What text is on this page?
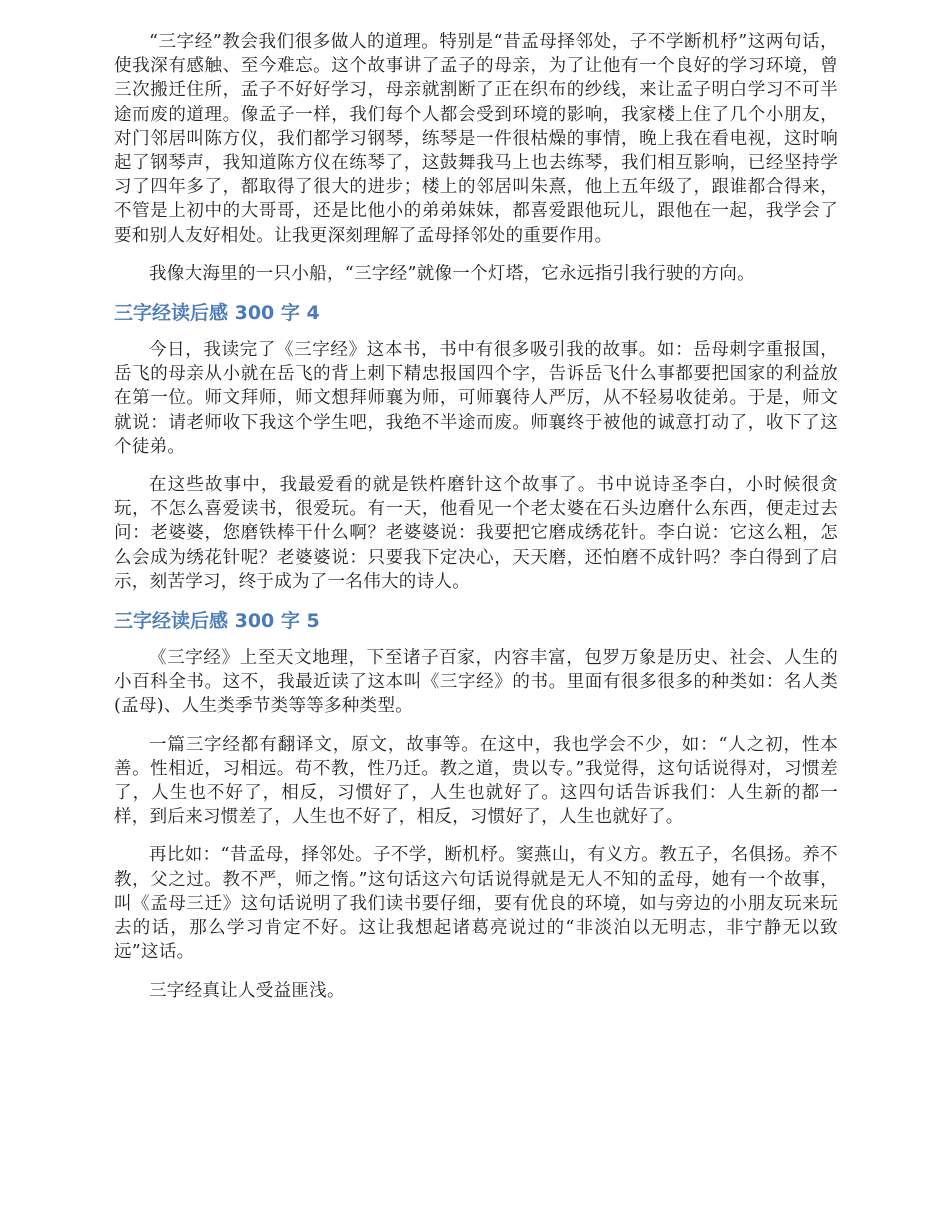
“三字经”教会我们很多做人的道理。特别是“昔孟母择邻处，子不学断机杼”这两句话，使我深有感触、至今难忘。这个故事讲了孟子的母亲，为了让他有一个良好的学习环境，曾三次搬迁住所，孟子不好好学习，母亲就割断了正在织布的纱线，来让孟子明白学习不可半途而废的道理。像孟子一样，我们每个人都会受到环境的影响，我家楼上住了几个小朋友，对门邻居叫陈方仪，我们都学习钢琴，练琴是一件很枯燥的事情，晚上我在看电视，这时响起了钢琴声，我知道陈方仪在练琴了，这鼓舞我马上也去练琴，我们相互影响，已经坚持学习了四年多了，都取得了很大的进步；楼上的邻居叫朱熹，他上五年级了，跟谁都合得来，不管是上初中的大哥哥，还是比他小的弟弟妹妹，都喜爱跟他玩儿，跟他在一起，我学会了要和别人友好相处。让我更深刻理解了孟母择邻处的重要作用。

我像大海里的一只小船，“三字经”就像一个灯塔，它永远指引我行驶的方向。

三字经读后感 300 字 4

今日，我读完了《三字经》这本书，书中有很多吸引我的故事。如：岳母刺字重报国，岳飞的母亲从小就在岳飞的背上刺下精忠报国四个字，告诉岳飞什么事都要把国家的利益放在第一位。师文拜师，师文想拜师襄为师，可师襄待人严厉，从不轻易收徒弟。于是，师文就说：请老师收下我这个学生吧，我绝不半途而废。师襄终于被他的诚意打动了，收下了这个徒弟。

在这些故事中，我最爱看的就是铁杵磨针这个故事了。书中说诗圣李白，小时候很贪玩，不怎么喜爱读书，很爱玩。有一天，他看见一个老太婆在石头边磨什么东西，便走过去问：老婆婆，您磨铁棒干什么啊？老婆婆说：我要把它磨成绣花针。李白说：它这么粗，怎么会成为绣花针呢？老婆婆说：只要我下定决心，天天磨，还怕磨不成针吗？李白得到了启示，刻苦学习，终于成为了一名伟大的诗人。

三字经读后感 300 字 5

《三字经》上至天文地理，下至诸子百家，内容丰富，包罗万象是历史、社会、人生的小百科全书。这不，我最近读了这本叫《三字经》的书。里面有很多很多的种类如：名人类(孟母)、人生类季节类等等多种类型。

一篇三字经都有翻译文，原文，故事等。在这中，我也学会不少，如：“人之初，性本善。性相近，习相远。苟不教，性乃迁。教之道，贵以专。”我觉得，这句话说得对，习惯差了，人生也不好了，相反，习惯好了，人生也就好了。这四句话告诉我们：人生新的都一样，到后来习惯差了，人生也不好了，相反，习惯好了，人生也就好了。

再比如：“昔孟母，择邻处。子不学，断机杼。窦燕山，有义方。教五子，名俱扬。养不教，父之过。教不严，师之惰。”这句话这六句话说得就是无人不知的孟母，她有一个故事，叫《孟母三迁》这句话说明了我们读书要仔细，要有优良的环境，如与旁边的小朋友玩来玩去的话，那么学习肯定不好。这让我想起诸葛亮说过的“非淡泊以无明志，非宁静无以致远”这话。

三字经真让人受益匪浅。
